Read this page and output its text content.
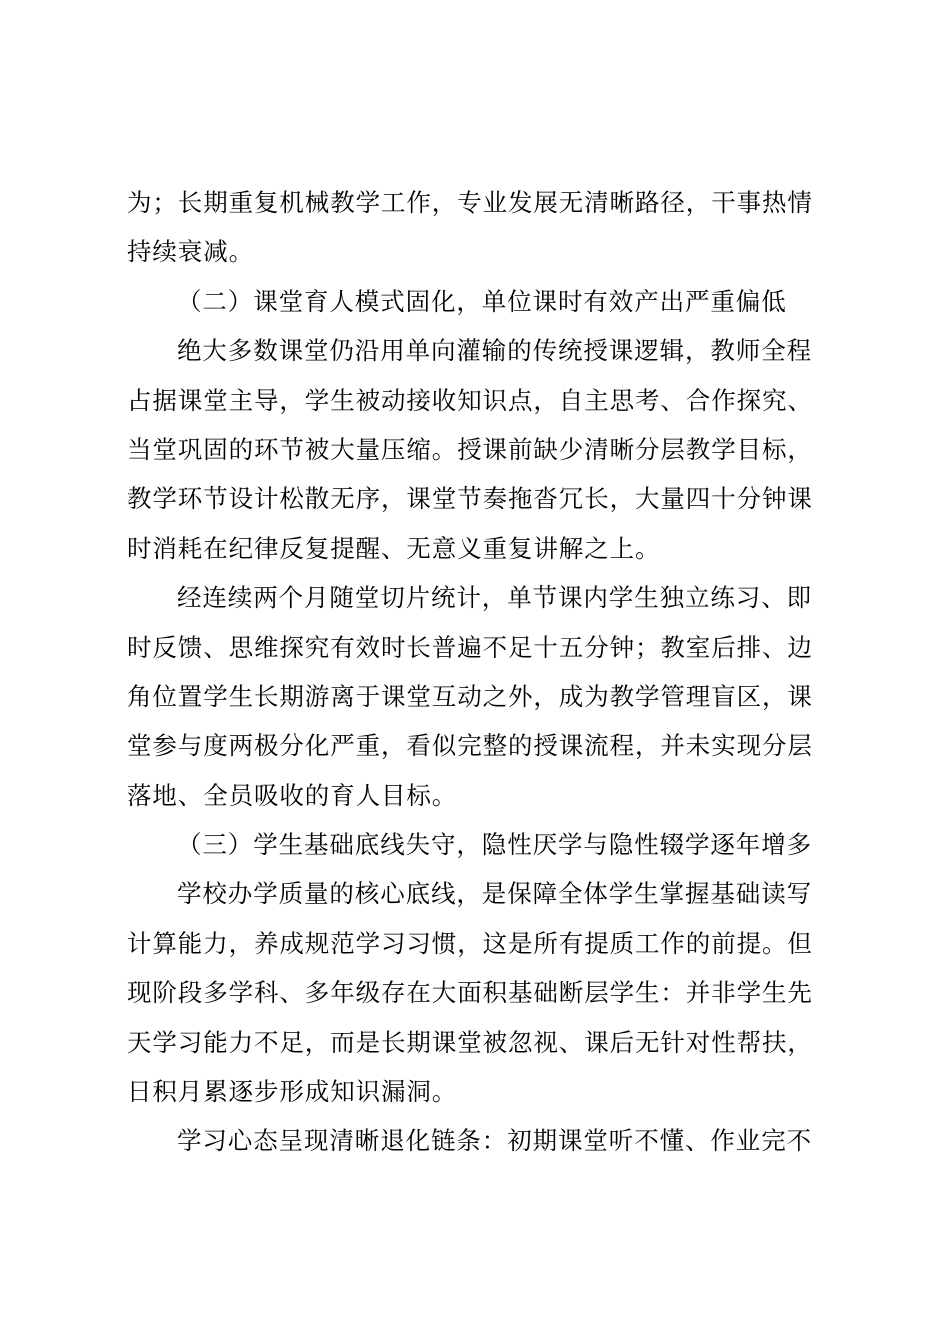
为；长期重复机械教学工作，专业发展无清晰路径，干事热情
持续衰减。
（二）课堂育人模式固化，单位课时有效产出严重偏低
绝大多数课堂仍沿用单向灌输的传统授课逻辑，教师全程
占据课堂主导，学生被动接收知识点，自主思考、合作探究、
当堂巩固的环节被大量压缩。授课前缺少清晰分层教学目标，
教学环节设计松散无序，课堂节奏拖沓冗长，大量四十分钟课
时消耗在纪律反复提醒、无意义重复讲解之上。
经连续两个月随堂切片统计，单节课内学生独立练习、即
时反馈、思维探究有效时长普遍不足十五分钟；教室后排、边
角位置学生长期游离于课堂互动之外，成为教学管理盲区，课
堂参与度两极分化严重，看似完整的授课流程，并未实现分层
落地、全员吸收的育人目标。
（三）学生基础底线失守，隐性厌学与隐性辍学逐年增多
学校办学质量的核心底线，是保障全体学生掌握基础读写
计算能力，养成规范学习习惯，这是所有提质工作的前提。但
现阶段多学科、多年级存在大面积基础断层学生：并非学生先
天学习能力不足，而是长期课堂被忽视、课后无针对性帮扶，
日积月累逐步形成知识漏洞。
学习心态呈现清晰退化链条：初期课堂听不懂、作业完不
